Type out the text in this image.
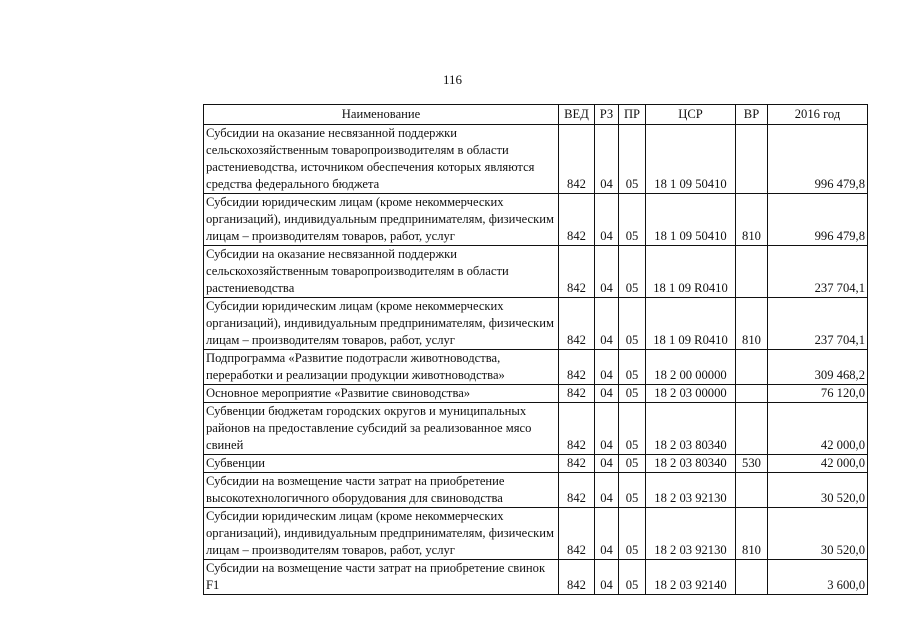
116
Наименование	ВЕД	РЗ	ПР	ЦСР	ВР	2016 год
Субсидии на оказание несвязанной поддержки сельскохозяйственным товаропроизводителям в области растениеводства, источником обеспечения которых являются средства федерального бюджета	842	04	05	18 1 09 50410		996 479,8
Субсидии юридическим лицам (кроме некоммерческих организаций), индивидуальным предпринимателям, физическим лицам – производителям товаров, работ, услуг	842	04	05	18 1 09 50410	810	996 479,8
Субсидии на оказание несвязанной поддержки сельскохозяйственным товаропроизводителям в области растениеводства	842	04	05	18 1 09 R0410		237 704,1
Субсидии юридическим лицам (кроме некоммерческих организаций), индивидуальным предпринимателям, физическим лицам – производителям товаров, работ, услуг	842	04	05	18 1 09 R0410	810	237 704,1
Подпрограмма «Развитие подотрасли животноводства, переработки и реализации продукции животноводства»	842	04	05	18 2 00 00000		309 468,2
Основное мероприятие «Развитие свиноводства»	842	04	05	18 2 03 00000		76 120,0
Субвенции бюджетам городских округов и муниципальных районов на предоставление субсидий за реализованное мясо свиней	842	04	05	18 2 03 80340		42 000,0
Субвенции	842	04	05	18 2 03 80340	530	42 000,0
Субсидии на возмещение части затрат на приобретение высокотехнологичного оборудования для свиноводства	842	04	05	18 2 03 92130		30 520,0
Субсидии юридическим лицам (кроме некоммерческих организаций), индивидуальным предпринимателям, физическим лицам – производителям товаров, работ, услуг	842	04	05	18 2 03 92130	810	30 520,0
Субсидии на возмещение части затрат на приобретение свинок F1	842	04	05	18 2 03 92140		3 600,0
